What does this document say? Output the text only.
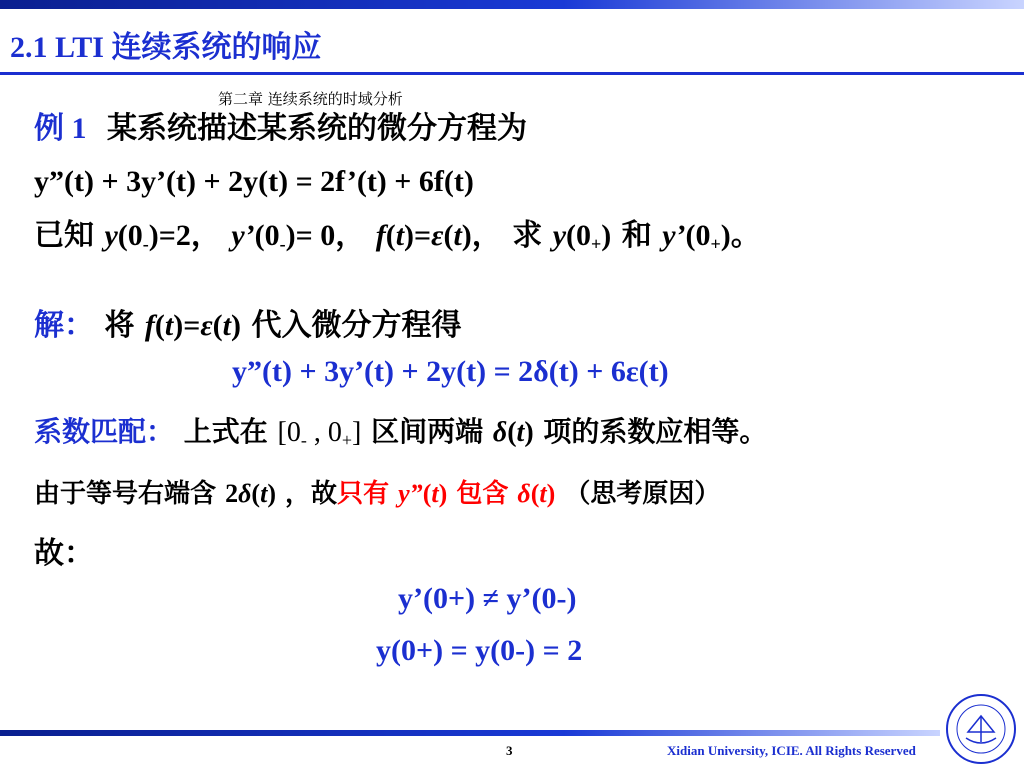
2.1 LTI 连续系统的响应
第二章 连续系统的时域分析
例 1 某系统描述某系统的微分方程为
y”(t) + 3y’(t) + 2y(t) = 2f’(t) + 6f(t)
已知 $y(0_-)=2$， $y’(0_-)= 0$， f(t)=ε(t)， 求 $y(0_+)$ 和 $y’(0_+)$。
解： 将 f(t)=ε(t) 代入微分方程得
y”(t) + 3y’(t) + 2y(t) = 2δ(t) + 6ε(t)
系数匹配： 上式在 [$0_-$ , $0_+$] 区间两端 δ(t) 项的系数应相等。
由于等号右端含 2δ(t) ，故只有 y”(t) 包含 δ(t) （思考原因）
故：
y’(0+) ≠ y’(0-)
y(0+) = y(0-) = 2
3	Xidian University, ICIE. All Rights Reserved
